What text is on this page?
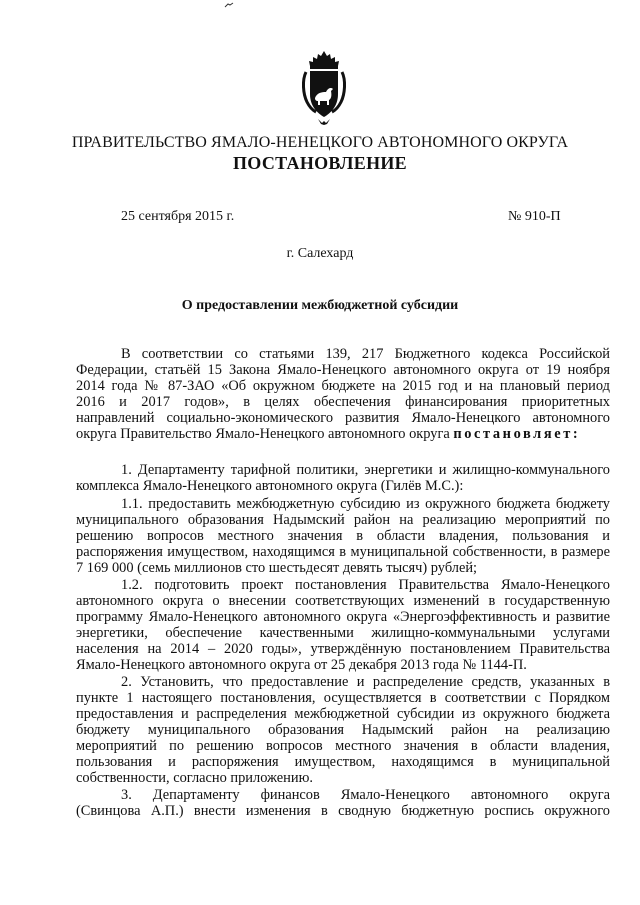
ПРАВИТЕЛЬСТВО ЯМАЛО-НЕНЕЦКОГО АВТОНОМНОГО ОКРУГА
ПОСТАНОВЛЕНИЕ
25 сентября 2015 г.	№ 910-П
г. Салехард
О предоставлении межбюджетной субсидии
В соответствии со статьями 139, 217 Бюджетного кодекса Российской
Федерации, статьёй 15 Закона Ямало-Ненецкого автономного округа от 19 ноября
2014 года № 87-ЗАО «Об окружном бюджете на 2015 год и на плановый период
2016 и 2017 годов», в целях обеспечения финансирования приоритетных
направлений социально-экономического развития Ямало-Ненецкого автономного
округа Правительство Ямало-Ненецкого автономного округа постановляет:
1. Департаменту тарифной политики, энергетики и жилищно-коммунального
комплекса Ямало-Ненецкого автономного округа (Гилёв М.С.):
1.1. предоставить межбюджетную субсидию из окружного бюджета бюджету
муниципального образования Надымский район на реализацию мероприятий по
решению вопросов местного значения в области владения, пользования и
распоряжения имуществом, находящимся в муниципальной собственности, в размере
7 169 000 (семь миллионов сто шестьдесят девять тысяч) рублей;
1.2. подготовить проект постановления Правительства Ямало-Ненецкого
автономного округа о внесении соответствующих изменений в государственную
программу Ямало-Ненецкого автономного округа «Энергоэффективность и развитие
энергетики, обеспечение качественными жилищно-коммунальными услугами
населения на 2014 – 2020 годы», утверждённую постановлением Правительства
Ямало-Ненецкого автономного округа от 25 декабря 2013 года № 1144-П.
2. Установить, что предоставление и распределение средств, указанных в
пункте 1 настоящего постановления, осуществляется в соответствии с Порядком
предоставления и распределения межбюджетной субсидии из окружного бюджета
бюджету муниципального образования Надымский район на реализацию
мероприятий по решению вопросов местного значения в области владения,
пользования и распоряжения имуществом, находящимся в муниципальной
собственности, согласно приложению.
3. Департаменту финансов Ямало-Ненецкого автономного округа
(Свинцова А.П.) внести изменения в сводную бюджетную роспись окружного
